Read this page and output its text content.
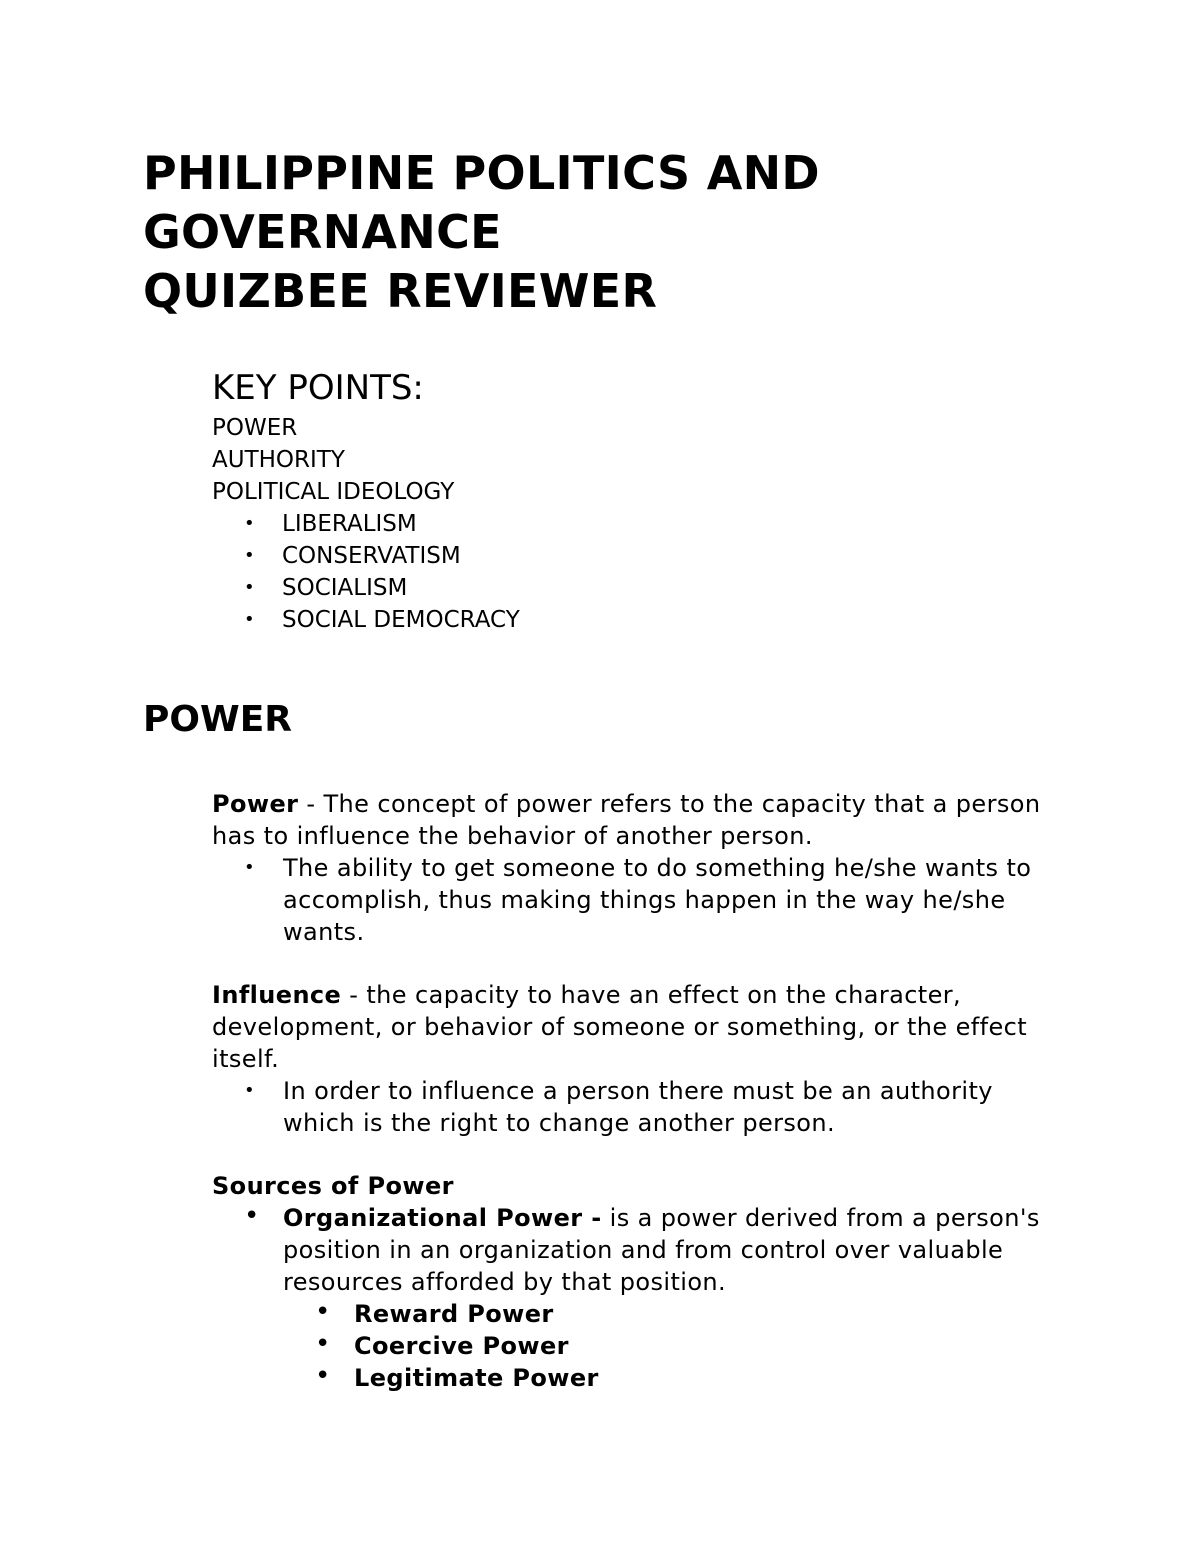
PHILIPPINE POLITICS AND
GOVERNANCE
QUIZBEE REVIEWER
KEY POINTS:
POWER
AUTHORITY
POLITICAL IDEOLOGY
• LIBERALISM
• CONSERVATISM
• SOCIALISM
• SOCIAL DEMOCRACY
POWER

Power - The concept of power refers to the capacity that a person has to influence the behavior of another person.

• The ability to get someone to do something he/she wants to accomplish, thus making things happen in the way he/she wants.

Influence - the capacity to have an effect on the character, development, or behavior of someone or something, or the effect itself.

• In order to influence a person there must be an authority which is the right to change another person.

Sources of Power

• Organizational Power - is a power derived from a person's position in an organization and from control over valuable resources afforded by that position.
• Reward Power
• Coercive Power
• Legitimate Power
